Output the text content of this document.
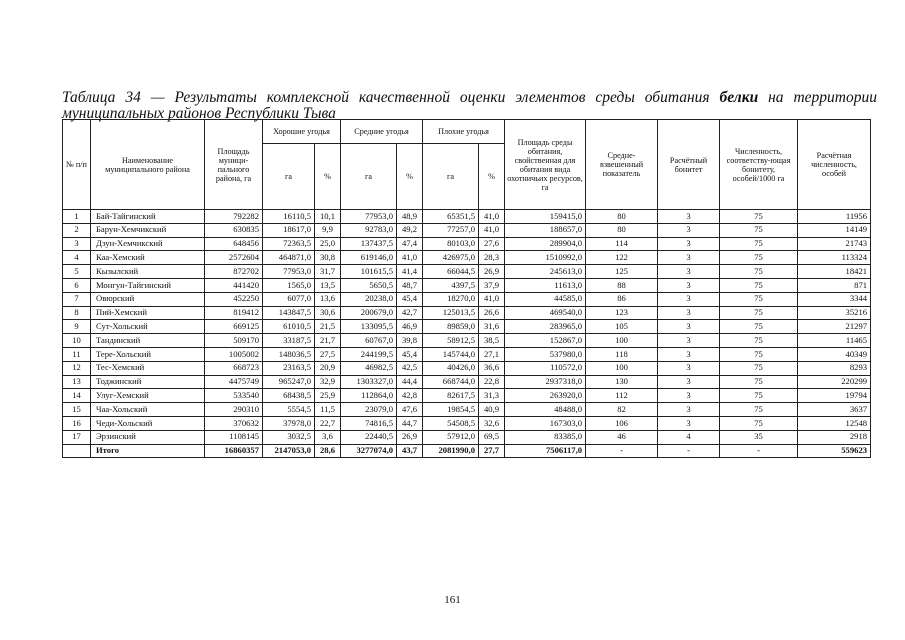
Таблица 34 — Результаты комплексной качественной оценки элементов среды обитания белки на территории муниципальных районов Республики Тыва
№ п/п	Наименование муниципального района	Площадь муници-пального района, га	Хорошие угодья		Средние угодья		Плохие угодья		Площадь среды обитания, свойственная для обитания вида охотничьих ресурсов, га	Средне-взвешенный показатель	Расчётный бонитет	Численность, соответству-ющая бонитету, особей/1000 га	Расчётная численность, особей
			га	%	га	%	га	%					
1	Бай-Тайгинский	792282	16110,5	10,1	77953,0	48,9	65351,5	41,0	159415,0	80	3	75	11956
2	Барун-Хемчикский	630835	18617,0	9,9	92783,0	49,2	77257,0	41,0	188657,0	80	3	75	14149
3	Дзун-Хемчикский	648456	72363,5	25,0	137437,5	47,4	80103,0	27,6	289904,0	114	3	75	21743
4	Каа-Хемский	2572604	464871,0	30,8	619146,0	41,0	426975,0	28,3	1510992,0	122	3	75	113324
5	Кызылский	872702	77953,0	31,7	101615,5	41,4	66044,5	26,9	245613,0	125	3	75	18421
6	Монгун-Тайгинский	441420	1565,0	13,5	5650,5	48,7	4397,5	37,9	11613,0	88	3	75	871
7	Овюрский	452250	6077,0	13,6	20238,0	45,4	18270,0	41,0	44585,0	86	3	75	3344
8	Пий-Хемский	819412	143847,5	30,6	200679,0	42,7	125013,5	26,6	469540,0	123	3	75	35216
9	Сут-Хольский	669125	61010,5	21,5	133095,5	46,9	89859,0	31,6	283965,0	105	3	75	21297
10	Тандинский	509170	33187,5	21,7	60767,0	39,8	58912,5	38,5	152867,0	100	3	75	11465
11	Тере-Хольский	1005002	148036,5	27,5	244199,5	45,4	145744,0	27,1	537980,0	118	3	75	40349
12	Тес-Хемский	668723	23163,5	20,9	46982,5	42,5	40426,0	36,6	110572,0	100	3	75	8293
13	Тоджинский	4475749	965247,0	32,9	1303327,0	44,4	668744,0	22,8	2937318,0	130	3	75	220299
14	Улуг-Хемский	533540	68438,5	25,9	112864,0	42,8	82617,5	31,3	263920,0	112	3	75	19794
15	Чаа-Хольский	290310	5554,5	11,5	23079,0	47,6	19854,5	40,9	48488,0	82	3	75	3637
16	Чеди-Хольский	370632	37978,0	22,7	74816,5	44,7	54508,5	32,6	167303,0	106	3	75	12548
17	Эрзинский	1108145	3032,5	3,6	22440,5	26,9	57912,0	69,5	83385,0	46	4	35	2918
	Итого	16860357	2147053,0	28,6	3277074,0	43,7	2081990,0	27,7	7506117,0	-	-	-	559623
161
